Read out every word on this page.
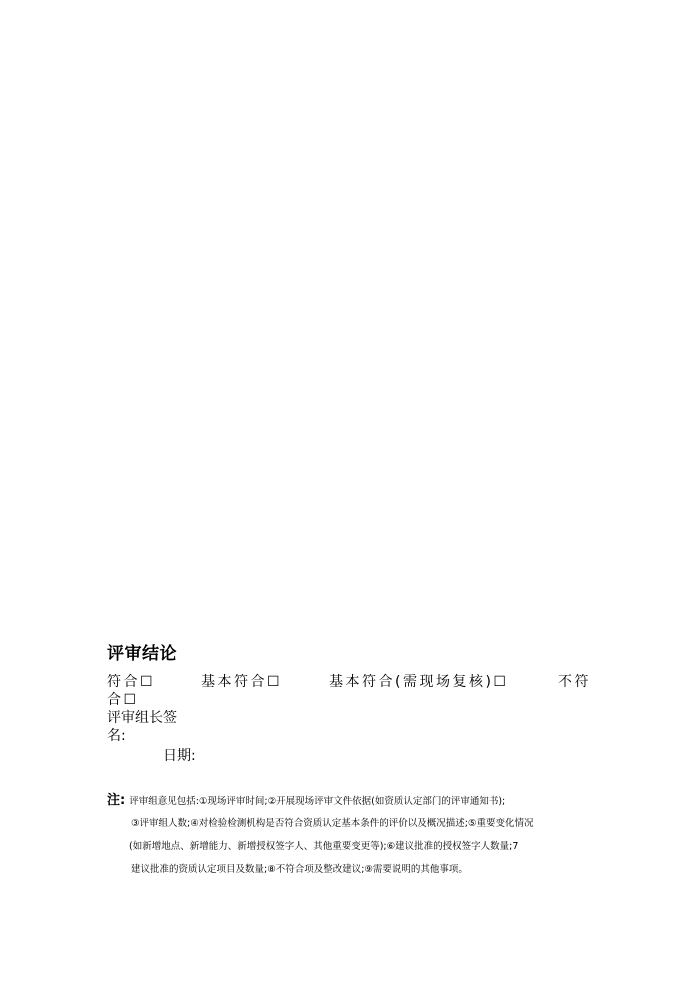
评审结论
符合☐	基本符合☐	基本符合(需现场复核)☐	不符
合☐
评审组长签
名:
日期:
注: 评审组意见包括:①现场评审时间;②开展现场评审文件依据(如资质认定部门的评审通知书);
③评审组人数;④对检验检测机构是否符合资质认定基本条件的评价以及概况描述;⑤重要变化情况
(如新增地点、新增能力、新增授权签字人、其他重要变更等);⑥建议批准的授权签字人数量;7
建议批准的资质认定项目及数量;⑧不符合项及整改建议;⑨需要说明的其他事项。
